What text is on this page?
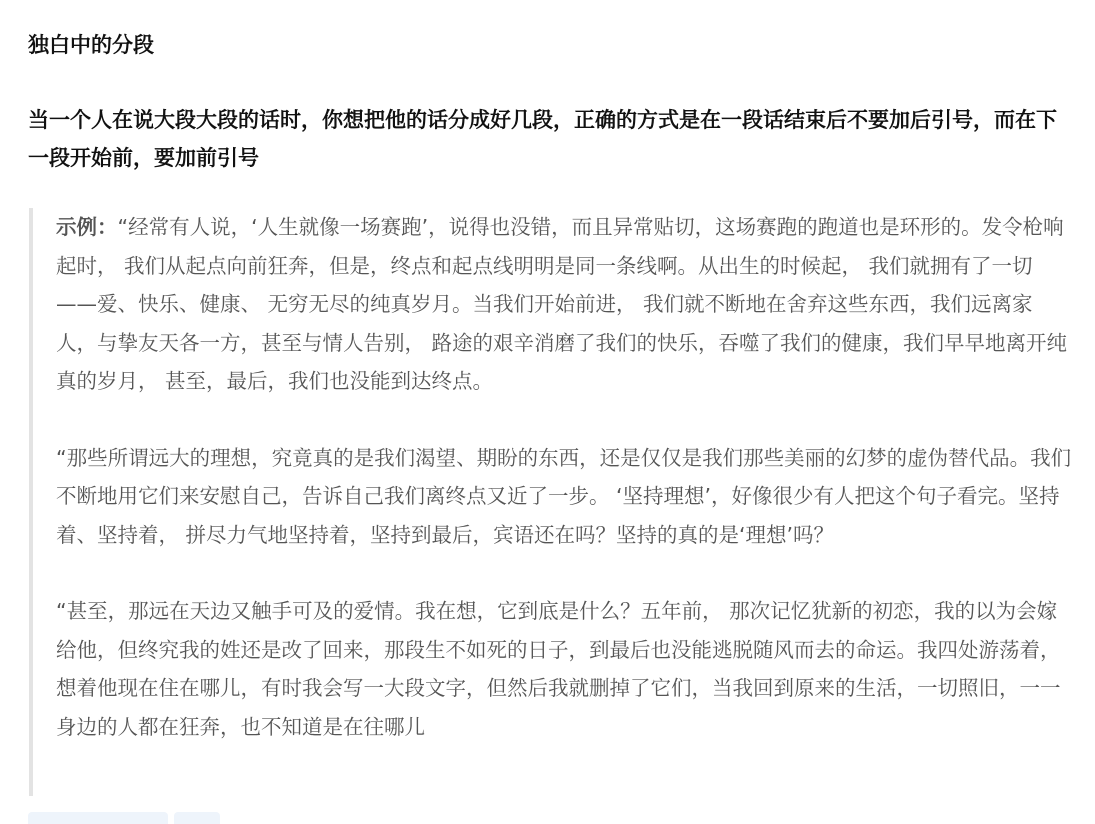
独白中的分段

当一个人在说大段大段的话时，你想把他的话分成好几段，正确的方式是在一段话结束后不要加后引号，而在下一段开始前，要加前引号

示例：“经常有人说，‘人生就像一场赛跑’，说得也没错，而且异常贴切，这场赛跑的跑道也是环形的。发令枪响起时， 我们从起点向前狂奔，但是，终点和起点线明明是同一条线啊。从出生的时候起， 我们就拥有了一切——爱、快乐、健康、 无穷无尽的纯真岁月。当我们开始前进， 我们就不断地在舍弃这些东西，我们远离家人，与挚友天各一方，甚至与情人告别， 路途的艰辛消磨了我们的快乐，吞噬了我们的健康，我们早早地离开纯真的岁月， 甚至，最后，我们也没能到达终点。

“那些所谓远大的理想，究竟真的是我们渴望、期盼的东西，还是仅仅是我们那些美丽的幻梦的虚伪替代品。我们不断地用它们来安慰自己，告诉自己我们离终点又近了一步。 ‘坚持理想’，好像很少有人把这个句子看完。坚持着、坚持着， 拼尽力气地坚持着，坚持到最后，宾语还在吗？坚持的真的是‘理想’吗？

“甚至，那远在天边又触手可及的爱情。我在想，它到底是什么？五年前， 那次记忆犹新的初恋，我的以为会嫁给他，但终究我的姓还是改了回来，那段生不如死的日子，到最后也没能逃脱随风而去的命运。我四处游荡着，想着他现在住在哪儿，有时我会写一大段文字，但然后我就删掉了它们，当我回到原来的生活，一切照旧，一一身边的人都在狂奔，也不知道是在往哪儿
